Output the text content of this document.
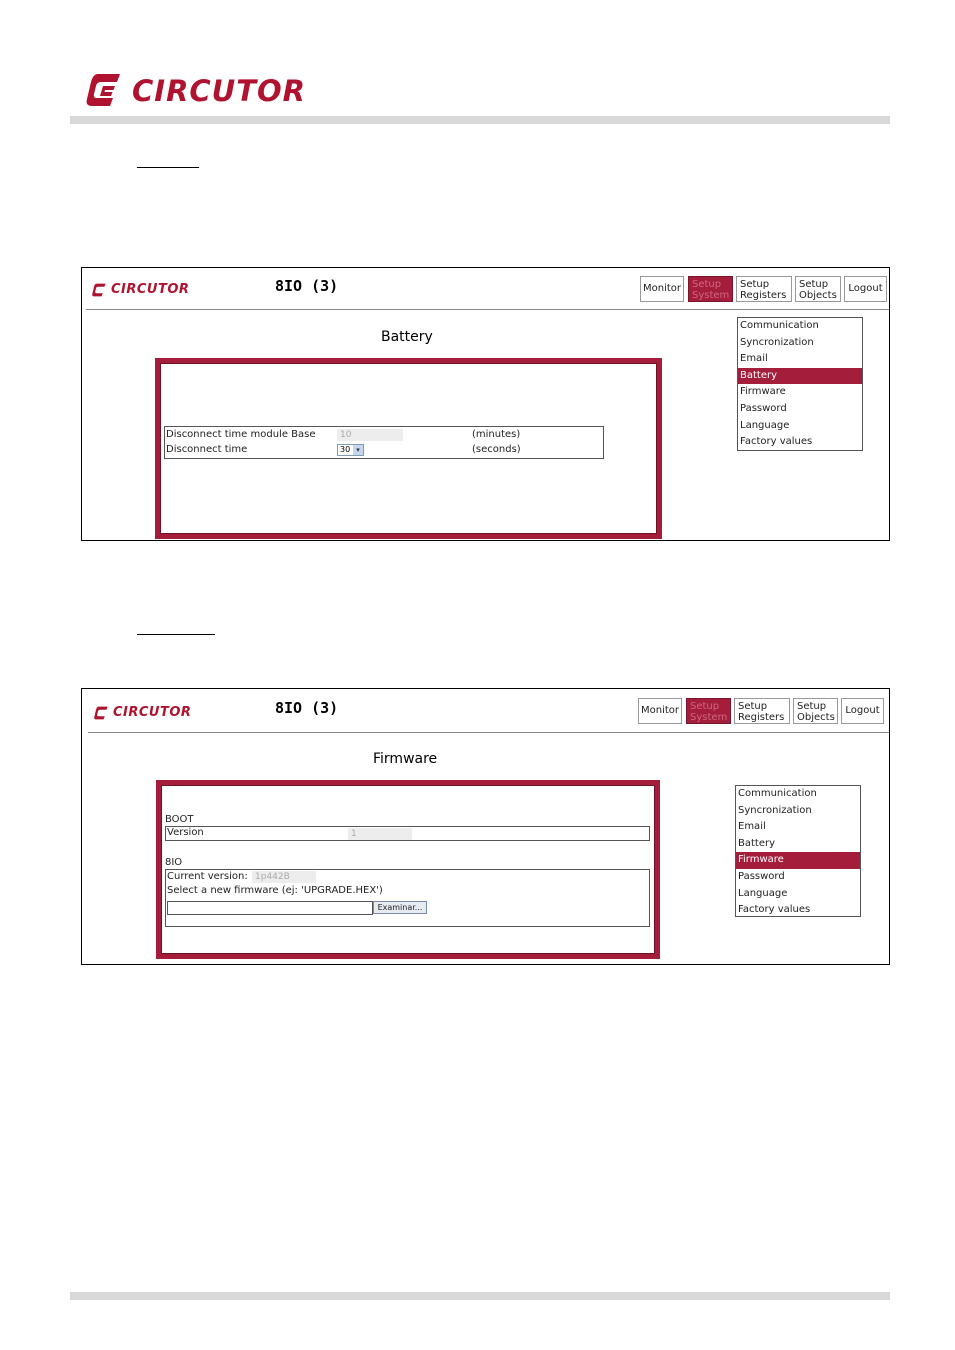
CIRCUTOR
CIRCUTOR	8IO (3)	Monitor Setup
System
Setup
Registers
Setup
Objects
Logout
Battery
Disconnect time module Base	10	(minutes)
Disconnect time	30 ▾	(seconds)
Communication
Syncronization
Email
Battery
Firmware
Password
Language
Factory values
CIRCUTOR	8IO (3)	Monitor Setup
System
Setup
Registers
Setup
Objects
Logout
Firmware
BOOT
Version	1
8IO
Current version: 1p442B
Select a new firmware (ej: 'UPGRADE.HEX')
Examinar...
Communication
Syncronization
Email
Battery
Firmware
Password
Language
Factory values
